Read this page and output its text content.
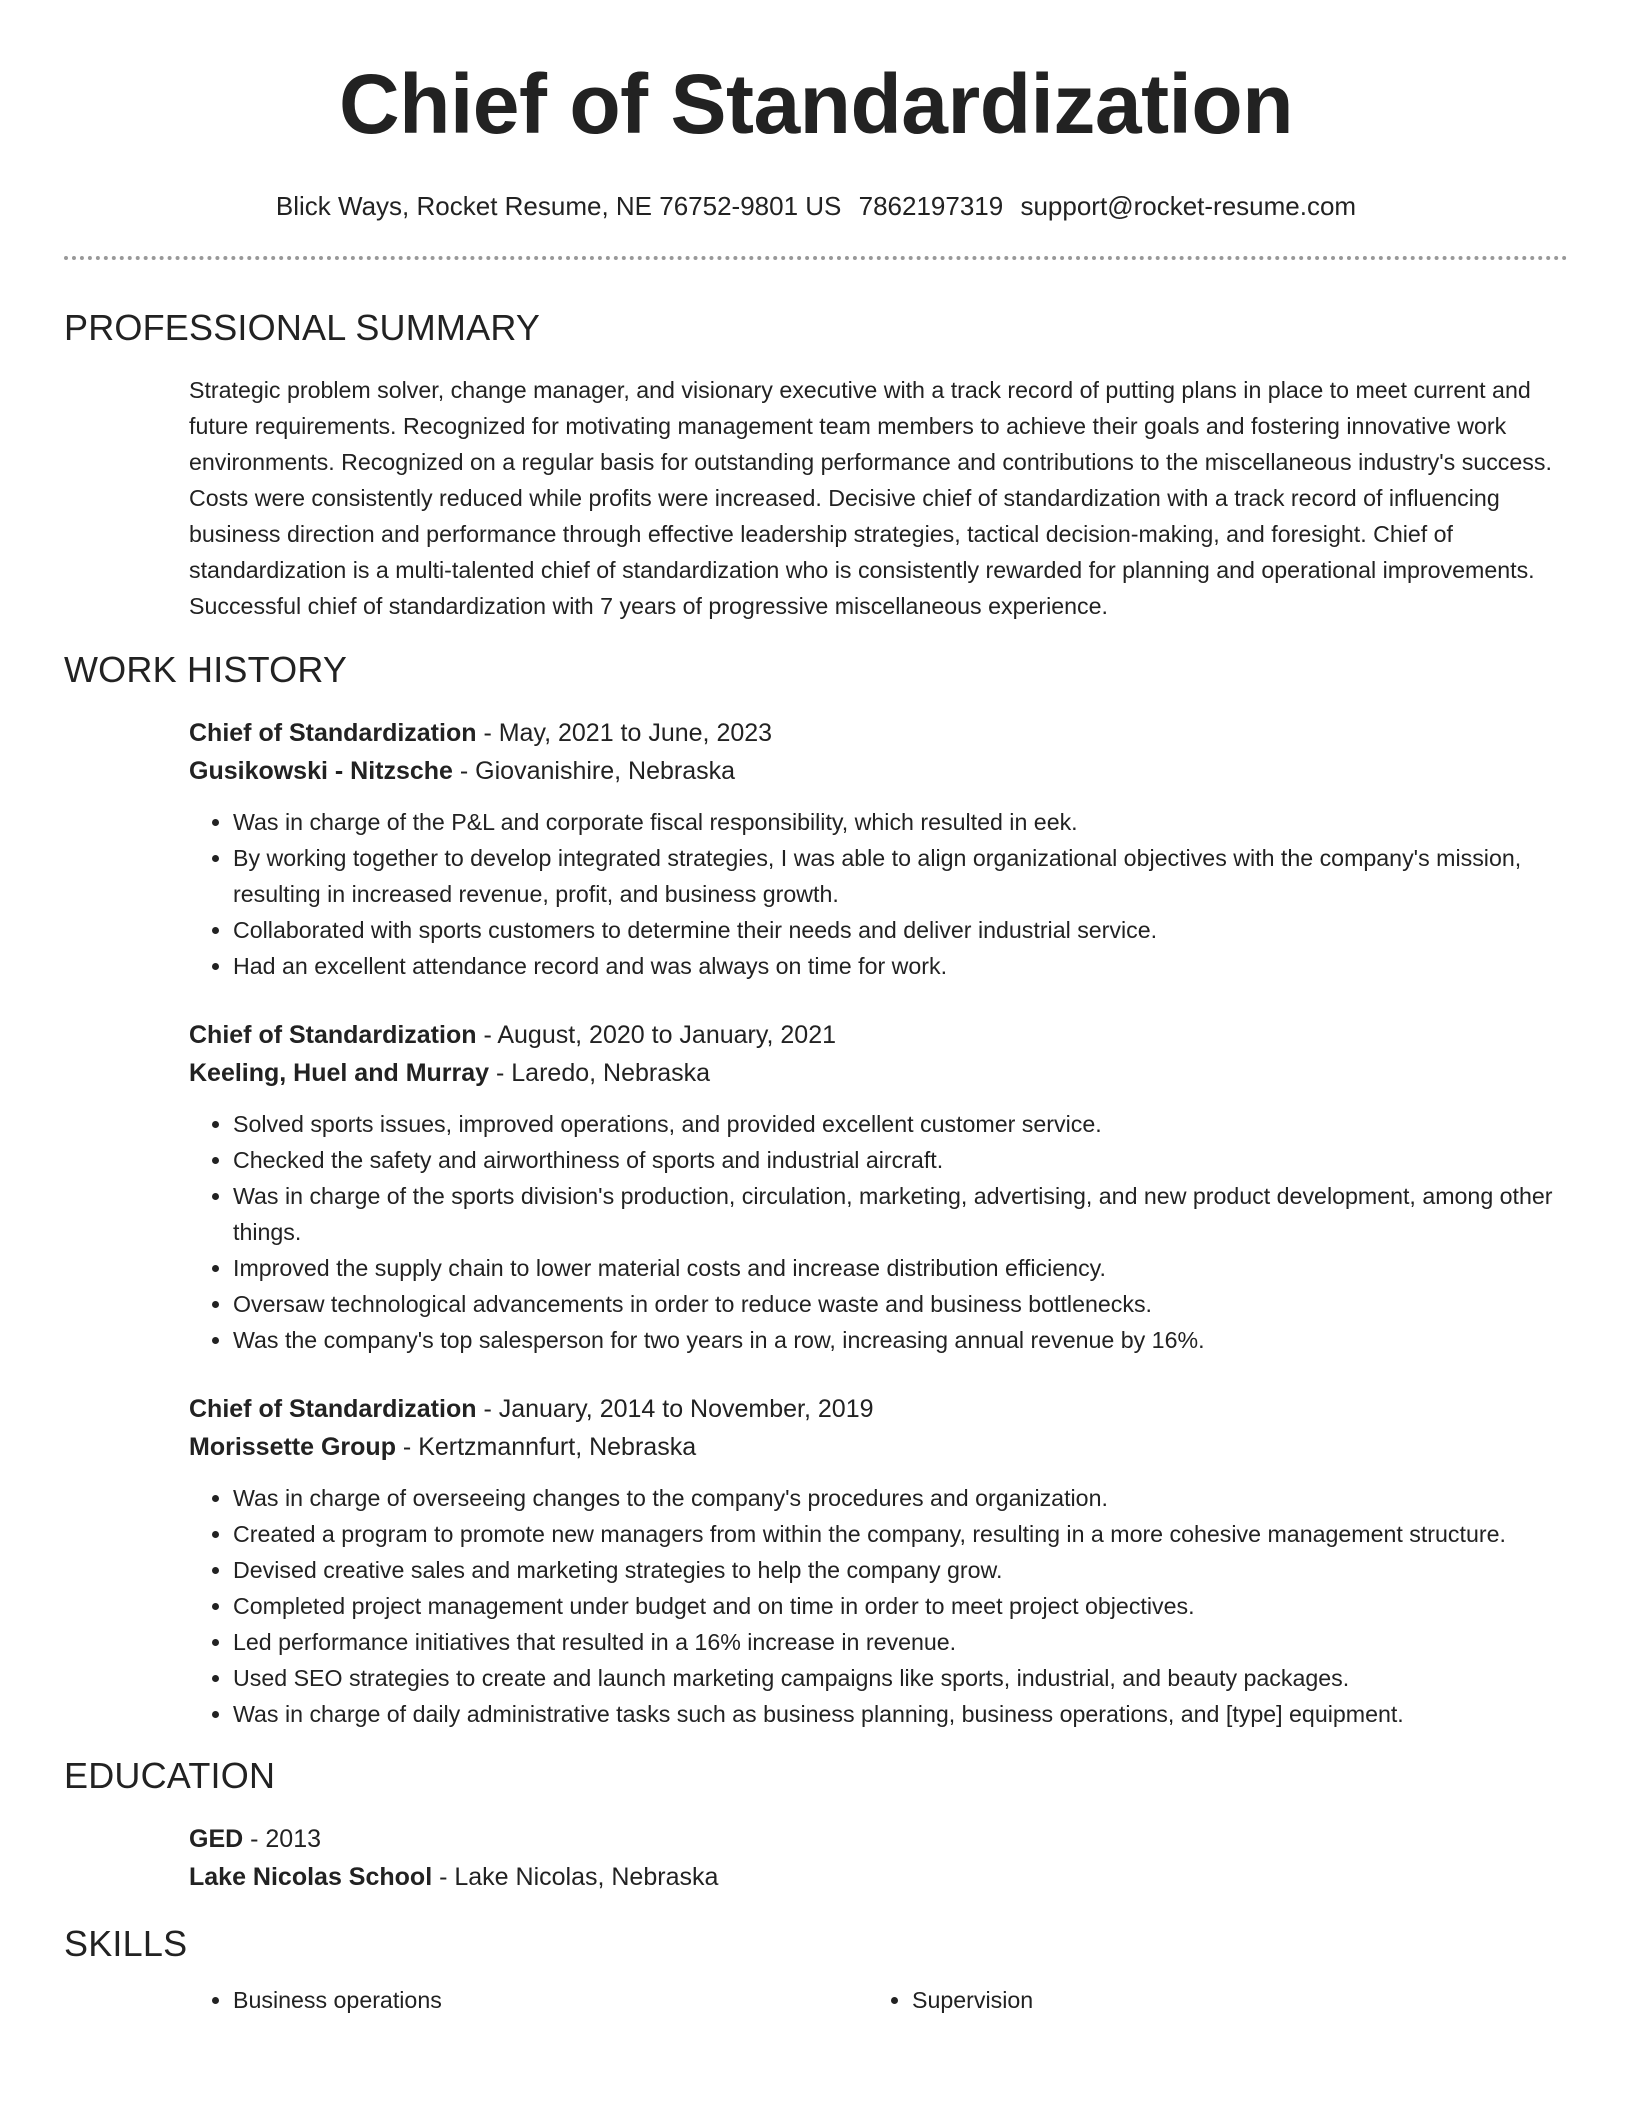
Chief of Standardization
Blick Ways, Rocket Resume, NE 76752-9801 US 7862197319 support@rocket-resume.com
PROFESSIONAL SUMMARY
Strategic problem solver, change manager, and visionary executive with a track record of putting plans in place to meet current and future requirements. Recognized for motivating management team members to achieve their goals and fostering innovative work environments. Recognized on a regular basis for outstanding performance and contributions to the miscellaneous industry's success. Costs were consistently reduced while profits were increased. Decisive chief of standardization with a track record of influencing business direction and performance through effective leadership strategies, tactical decision-making, and foresight. Chief of standardization is a multi-talented chief of standardization who is consistently rewarded for planning and operational improvements. Successful chief of standardization with 7 years of progressive miscellaneous experience.
WORK HISTORY
Chief of Standardization - May, 2021 to June, 2023
Gusikowski - Nitzsche - Giovanishire, Nebraska
• Was in charge of the P&L and corporate fiscal responsibility, which resulted in eek.
• By working together to develop integrated strategies, I was able to align organizational objectives with the company's mission, resulting in increased revenue, profit, and business growth.
• Collaborated with sports customers to determine their needs and deliver industrial service.
• Had an excellent attendance record and was always on time for work.
Chief of Standardization - August, 2020 to January, 2021
Keeling, Huel and Murray - Laredo, Nebraska
• Solved sports issues, improved operations, and provided excellent customer service.
• Checked the safety and airworthiness of sports and industrial aircraft.
• Was in charge of the sports division's production, circulation, marketing, advertising, and new product development, among other things.
• Improved the supply chain to lower material costs and increase distribution efficiency.
• Oversaw technological advancements in order to reduce waste and business bottlenecks.
• Was the company's top salesperson for two years in a row, increasing annual revenue by 16%.
Chief of Standardization - January, 2014 to November, 2019
Morissette Group - Kertzmannfurt, Nebraska
• Was in charge of overseeing changes to the company's procedures and organization.
• Created a program to promote new managers from within the company, resulting in a more cohesive management structure.
• Devised creative sales and marketing strategies to help the company grow.
• Completed project management under budget and on time in order to meet project objectives.
• Led performance initiatives that resulted in a 16% increase in revenue.
• Used SEO strategies to create and launch marketing campaigns like sports, industrial, and beauty packages.
• Was in charge of daily administrative tasks such as business planning, business operations, and [type] equipment.
EDUCATION
GED - 2013
Lake Nicolas School - Lake Nicolas, Nebraska
SKILLS
• Business operations
•	Supervision
